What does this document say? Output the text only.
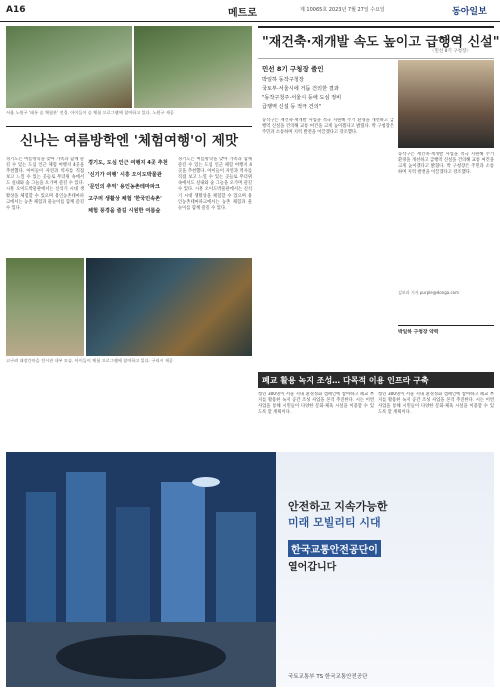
A16	메트로	제 10065호 2023년 7월 27일 수요일	동아일보
서울 노원구 '태릉 숲 체험관' 전경. 아이들이 숲 체험 프로그램에 참여하고 있다. 노원구 제공
신나는 여름방학엔 '체험여행'이 제맛
경기도는 여름방학을 맞아 가족과 함께 즐길 수 있는 도심 인근 체험 여행지 4곳을 추천했다. 아이들이 자연과 역사를 직접 보고 느낄 수 있는 곳들로 무더위 속에서도 실내와 숲 그늘을 오가며 즐길 수 있다. 시흥 오이도박물관에서는 신석기 시대 생활상을 체험할 수 있으며 용인농촌테마파크에서는 농촌 체험과 물놀이를 함께 즐길 수 있다.
경기도, 도심 인근 여행지 4곳 추천
'신기가 여행' 시흥 오이도박물관
'문인의 추억' 용인농촌테마파크
고구려 생활상 체험 '한국민속촌'
체험 풍경을 즐길 시원한 여름숲
경기도는 여름방학을 맞아 가족과 함께 즐길 수 있는 도심 인근 체험 여행지 4곳을 추천했다. 아이들이 자연과 역사를 직접 보고 느낄 수 있는 곳들로 무더위 속에서도 실내와 숲 그늘을 오가며 즐길 수 있다. 시흥 오이도박물관에서는 신석기 시대 생활상을 체험할 수 있으며 용인농촌테마파크에서는 농촌 체험과 물놀이를 함께 즐길 수 있다.
고구려 대장간마을 전시관 내부 모습. 아이들이 체험 프로그램에 참여하고 있다. 구리시 제공
"재건축·재개발 속도 높이고 급행역 신설"
〈민선 8기 구청장〉
민선 8기 구청장 줄인
박일하 동작구청장
국토부·서울시에 거듭 건의한 결과
"동작구청주·서울시 등에 도심 정비
급행역 신설 등 적극 건의"
동작구는 재건축·재개발 사업을 적극 지원해 주거 환경을 개선하고 급행역 신설을 건의해 교통 여건을 크게 높이겠다고 밝혔다. 박 구청장은 주민과 소통하며 지역 발전을 이끌겠다고 강조했다.
동작구는 재건축·재개발 사업을 적극 지원해 주거 환경을 개선하고 급행역 신설을 건의해 교통 여건을 크게 높이겠다고 밝혔다. 박 구청장은 주민과 소통하며 지역 발전을 이끌겠다고 강조했다.
박일하 구청장 약력
김보라 기자 purple@donga.com
폐교 활용 녹지 조성… 다목적 이용 인프라 구축
청년 300명이 서울 시내 환경정화 캠페인에 참여하고 폐교 부지를 활용한 녹지 공간 조성 사업을 본격 추진한다. 시는 이번 사업을 통해 시민들이 다양한 문화·체육 시설을 이용할 수 있도록 할 계획이다.
청년 300명이 서울 시내 환경정화 캠페인에 참여하고 폐교 부지를 활용한 녹지 공간 조성 사업을 본격 추진한다. 시는 이번 사업을 통해 시민들이 다양한 문화·체육 시설을 이용할 수 있도록 할 계획이다.
안전하고 지속가능한
미래 모빌리티 시대
한국교통안전공단이
열어갑니다
국토교통부 TS 한국교통안전공단
